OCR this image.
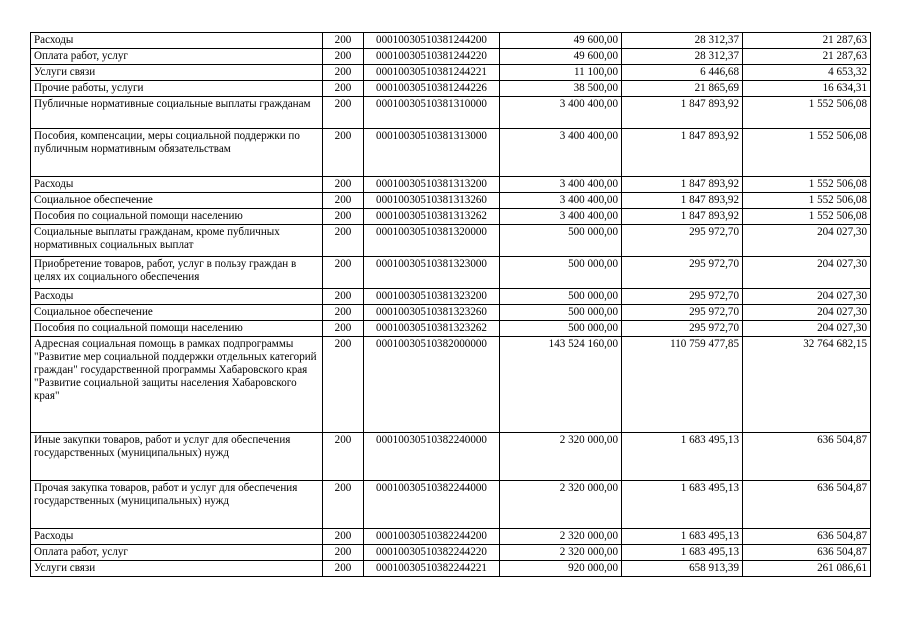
Расходы	200	00010030510381244200	49 600,00	28 312,37	21 287,63
Оплата работ, услуг	200	00010030510381244220	49 600,00	28 312,37	21 287,63
Услуги связи	200	00010030510381244221	11 100,00	6 446,68	4 653,32
Прочие работы, услуги	200	00010030510381244226	38 500,00	21 865,69	16 634,31
Публичные нормативные социальные выплаты гражданам	200	00010030510381310000	3 400 400,00	1 847 893,92	1 552 506,08
Пособия, компенсации, меры социальной поддержки по публичным нормативным обязательствам	200	00010030510381313000	3 400 400,00	1 847 893,92	1 552 506,08
Расходы	200	00010030510381313200	3 400 400,00	1 847 893,92	1 552 506,08
Социальное обеспечение	200	00010030510381313260	3 400 400,00	1 847 893,92	1 552 506,08
Пособия по социальной помощи населению	200	00010030510381313262	3 400 400,00	1 847 893,92	1 552 506,08
Социальные выплаты гражданам, кроме публичных нормативных социальных выплат	200	00010030510381320000	500 000,00	295 972,70	204 027,30
Приобретение товаров, работ, услуг в пользу граждан в целях их социального обеспечения	200	00010030510381323000	500 000,00	295 972,70	204 027,30
Расходы	200	00010030510381323200	500 000,00	295 972,70	204 027,30
Социальное обеспечение	200	00010030510381323260	500 000,00	295 972,70	204 027,30
Пособия по социальной помощи населению	200	00010030510381323262	500 000,00	295 972,70	204 027,30
Адресная социальная помощь в рамках подпрограммы "Развитие мер социальной поддержки отдельных категорий граждан" государственной программы Хабаровского края "Развитие социальной защиты населения Хабаровского края"	200	00010030510382000000	143 524 160,00	110 759 477,85	32 764 682,15
Иные закупки товаров, работ и услуг для обеспечения государственных (муниципальных) нужд	200	00010030510382240000	2 320 000,00	1 683 495,13	636 504,87
Прочая закупка товаров, работ и услуг для обеспечения государственных (муниципальных) нужд	200	00010030510382244000	2 320 000,00	1 683 495,13	636 504,87
Расходы	200	00010030510382244200	2 320 000,00	1 683 495,13	636 504,87
Оплата работ, услуг	200	00010030510382244220	2 320 000,00	1 683 495,13	636 504,87
Услуги связи	200	00010030510382244221	920 000,00	658 913,39	261 086,61
